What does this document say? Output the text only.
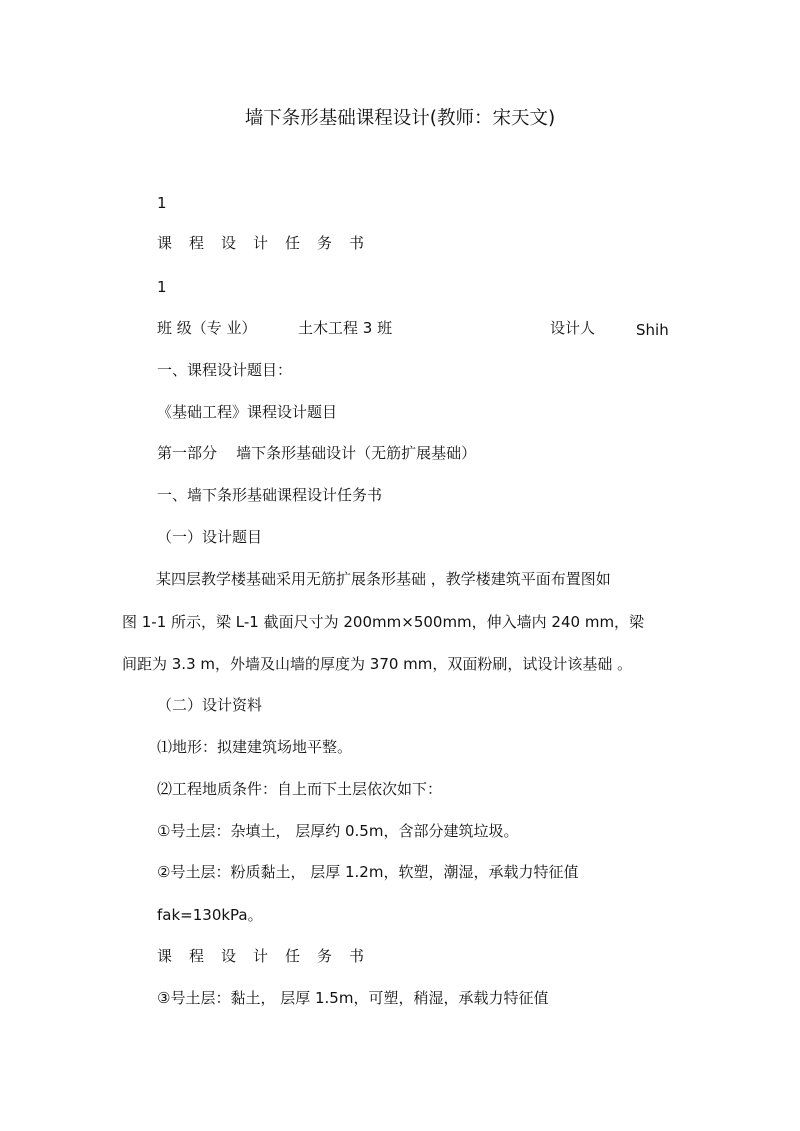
墙下条形基础课程设计(教师：宋天文)
1
课程设计任务书
1
班 级（专 业）	土木工程 3 班	设计人	Shih
一、课程设计题目：
《基础工程》课程设计题目
第一部分    墙下条形基础设计（无筋扩展基础）
一、墙下条形基础课程设计任务书
（一）设计题目
某四层教学楼基础采用无筋扩展条形基础 ，教学楼建筑平面布置图如
图 1-1 所示，梁 L-1 截面尺寸为 200mm×500mm，伸入墙内 240 mm，梁
间距为 3.3 m，外墙及山墙的厚度为 370 mm，双面粉刷，试设计该基础 。
（二）设计资料
⑴地形：拟建建筑场地平整。
⑵工程地质条件：自上而下土层依次如下：
①号土层：杂填土， 层厚约 0.5m，含部分建筑垃圾。
②号土层：粉质黏土， 层厚 1.2m，软塑，潮湿，承载力特征值
fak=130kPa。
课程设计任务书
③号土层：黏土， 层厚 1.5m，可塑，稍湿，承载力特征值
